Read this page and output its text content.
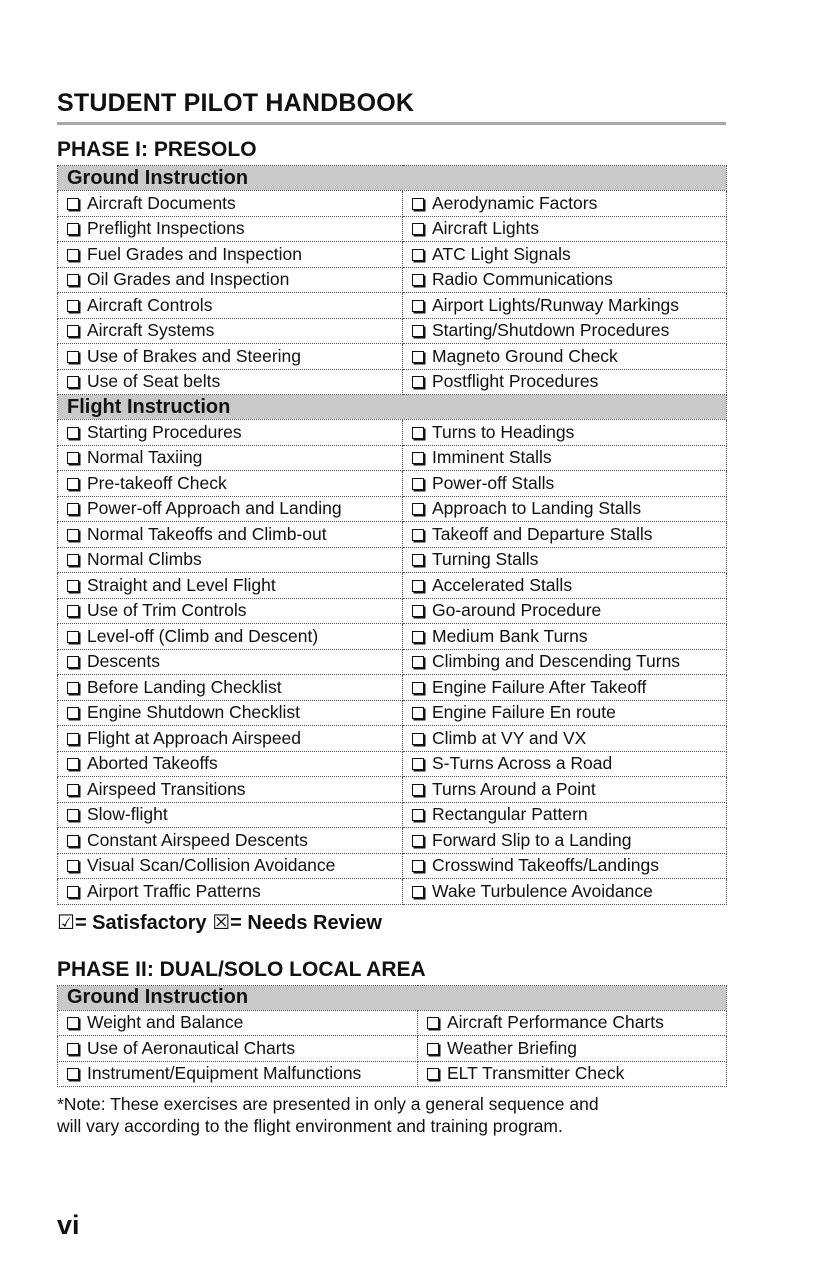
STUDENT PILOT HANDBOOK
PHASE I: PRESOLO
Ground Instruction	
Aircraft Documents	Aerodynamic Factors
Preflight Inspections	Aircraft Lights
Fuel Grades and Inspection	ATC Light Signals
Oil Grades and Inspection	Radio Communications
Aircraft Controls	Airport Lights/Runway Markings
Aircraft Systems	Starting/Shutdown Procedures
Use of Brakes and Steering	Magneto Ground Check
Use of Seat belts	Postflight Procedures
Flight Instruction	
Starting Procedures	Turns to Headings
Normal Taxiing	Imminent Stalls
Pre-takeoff Check	Power-off Stalls
Power-off Approach and Landing	Approach to Landing Stalls
Normal Takeoffs and Climb-out	Takeoff and Departure Stalls
Normal Climbs	Turning Stalls
Straight and Level Flight	Accelerated Stalls
Use of Trim Controls	Go-around Procedure
Level-off (Climb and Descent)	Medium Bank Turns
Descents	Climbing and Descending Turns
Before Landing Checklist	Engine Failure After Takeoff
Engine Shutdown Checklist	Engine Failure En route
Flight at Approach Airspeed	Climb at VY and VX
Aborted Takeoffs	S-Turns Across a Road
Airspeed Transitions	Turns Around a Point
Slow-flight	Rectangular Pattern
Constant Airspeed Descents	Forward Slip to a Landing
Visual Scan/Collision Avoidance	Crosswind Takeoffs/Landings
Airport Traffic Patterns	Wake Turbulence Avoidance
☑= Satisfactory ☒= Needs Review
PHASE II: DUAL/SOLO LOCAL AREA
Ground Instruction	
Weight and Balance	Aircraft Performance Charts
Use of Aeronautical Charts	Weather Briefing
Instrument/Equipment Malfunctions	ELT Transmitter Check
*Note: These exercises are presented in only a general sequence and
will vary according to the flight environment and training program.
vi
